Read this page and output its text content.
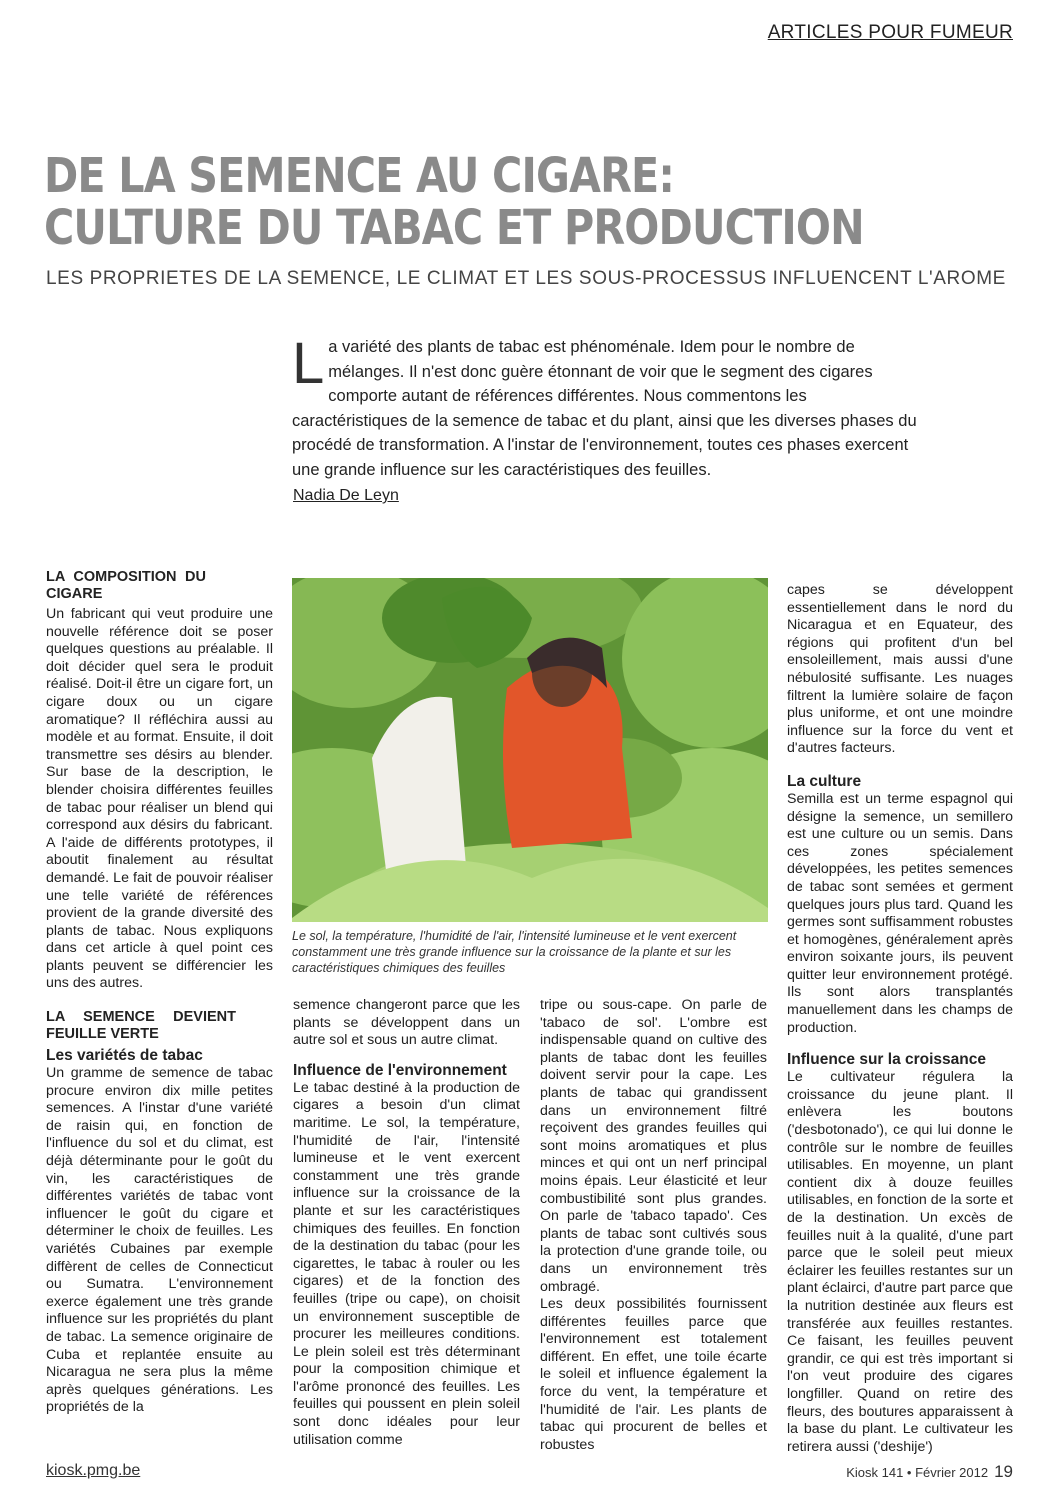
ARTICLES POUR FUMEUR
DE LA SEMENCE AU CIGARE:
CULTURE DU TABAC ET PRODUCTION
LES PROPRIETES DE LA SEMENCE, LE CLIMAT ET LES SOUS-PROCESSUS INFLUENCENT L'AROME
La variété des plants de tabac est phénoménale. Idem pour le nombre de mélanges. Il n'est donc guère étonnant de voir que le segment des cigares comporte autant de références différentes. Nous commentons les caractéristiques de la semence de tabac et du plant, ainsi que les diverses phases du procédé de transformation. A l'instar de l'environnement, toutes ces phases exercent une grande influence sur les caractéristiques des feuilles.
Nadia De Leyn
LA COMPOSITION DU CIGARE

Un fabricant qui veut produire une nouvelle référence doit se poser quelques questions au préalable. Il doit décider quel sera le produit réalisé. Doit-il être un cigare fort, un cigare doux ou un cigare aromatique? Il réfléchira aussi au modèle et au format. Ensuite, il doit transmettre ses désirs au blender. Sur base de la description, le blender choisira différentes feuilles de tabac pour réaliser un blend qui correspond aux désirs du fabricant. A l'aide de différents prototypes, il aboutit finalement au résultat demandé. Le fait de pouvoir réaliser une telle variété de références provient de la grande diversité des plants de tabac. Nous expliquons dans cet article à quel point ces plants peuvent se différencier les uns des autres.

LA SEMENCE DEVIENT FEUILLE VERTE
Les variétés de tabac

Un gramme de semence de tabac procure environ dix mille petites semences. A l'instar d'une variété de raisin qui, en fonction de l'influence du sol et du climat, est déjà déterminante pour le goût du vin, les caractéristiques de différentes variétés de tabac vont influencer le goût du cigare et déterminer le choix de feuilles. Les variétés Cubaines par exemple diffèrent de celles de Connecticut ou Sumatra. L'environnement exerce également une très grande influence sur les propriétés du plant de tabac. La semence originaire de Cuba et replantée ensuite au Nicaragua ne sera plus la même après quelques générations. Les propriétés de la

Le sol, la température, l'humidité de l'air, l'intensité lumineuse et le vent exercent constamment une très grande influence sur la croissance de la plante et sur les caractéristiques chimiques des feuilles

semence changeront parce que les plants se développent dans un autre sol et sous un autre climat.

Influence de l'environnement

Le tabac destiné à la production de cigares a besoin d'un climat maritime. Le sol, la température, l'humidité de l'air, l'intensité lumineuse et le vent exercent constamment une très grande influence sur la croissance de la plante et sur les caractéristiques chimiques des feuilles. En fonction de la destination du tabac (pour les cigarettes, le tabac à rouler ou les cigares) et de la fonction des feuilles (tripe ou cape), on choisit un environnement susceptible de procurer les meilleures conditions. Le plein soleil est très déterminant pour la composition chimique et l'arôme prononcé des feuilles. Les feuilles qui poussent en plein soleil sont donc idéales pour leur utilisation comme

tripe ou sous-cape. On parle de 'tabaco de sol'. L'ombre est indispensable quand on cultive des plants de tabac dont les feuilles doivent servir pour la cape. Les plants de tabac qui grandissent dans un environnement filtré reçoivent des grandes feuilles qui sont moins aromatiques et plus minces et qui ont un nerf principal moins épais. Leur élasticité et leur combustibilité sont plus grandes. On parle de 'tabaco tapado'. Ces plants de tabac sont cultivés sous la protection d'une grande toile, ou dans un environnement très ombragé.

Les deux possibilités fournissent différentes feuilles parce que l'environnement est totalement différent. En effet, une toile écarte le soleil et influence également la force du vent, la température et l'humidité de l'air. Les plants de tabac qui procurent de belles et robustes

capes se développent essentiellement dans le nord du Nicaragua et en Equateur, des régions qui profitent d'un bel ensoleillement, mais aussi d'une nébulosité suffisante. Les nuages filtrent la lumière solaire de façon plus uniforme, et ont une moindre influence sur la force du vent et d'autres facteurs.

La culture

Semilla est un terme espagnol qui désigne la semence, un semillero est une culture ou un semis. Dans ces zones spécialement développées, les petites semences de tabac sont semées et germent quelques jours plus tard. Quand les germes sont suffisamment robustes et homogènes, généralement après environ soixante jours, ils peuvent quitter leur environnement protégé. Ils sont alors transplantés manuellement dans les champs de production.

Influence sur la croissance

Le cultivateur régulera la croissance du jeune plant. Il enlèvera les boutons ('desbotonado'), ce qui lui donne le contrôle sur le nombre de feuilles utilisables. En moyenne, un plant contient dix à douze feuilles utilisables, en fonction de la sorte et de la destination. Un excès de feuilles nuit à la qualité, d'une part parce que le soleil peut mieux éclairer les feuilles restantes sur un plant éclairci, d'autre part parce que la nutrition destinée aux fleurs est transférée aux feuilles restantes. Ce faisant, les feuilles peuvent grandir, ce qui est très important si l'on veut produire des cigares longfiller. Quand on retire des fleurs, des boutures apparaissent à la base du plant. Le cultivateur les retirera aussi ('deshije')

kiosk.pmg.be	Kiosk 141 • Février 2012 19
